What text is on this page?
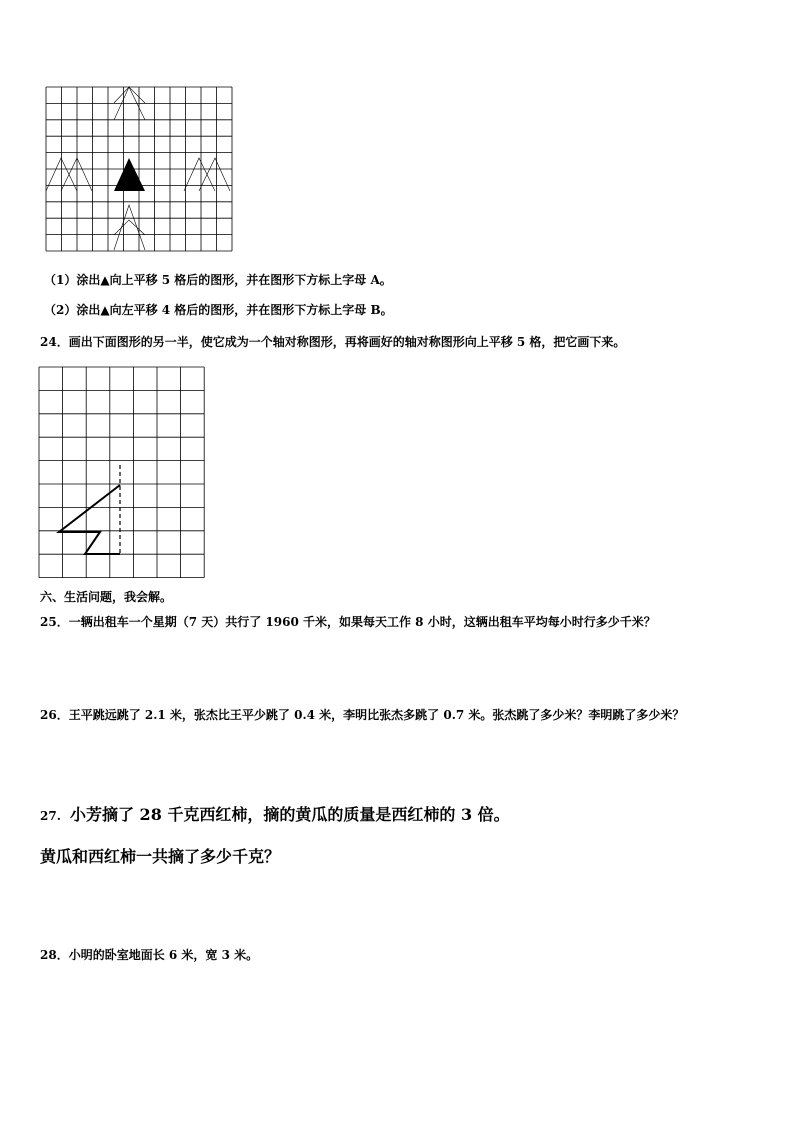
（1）涂出▲向上平移 5 格后的图形，并在图形下方标上字母 A。
（2）涂出▲向左平移 4 格后的图形，并在图形下方标上字母 B。
24．画出下面图形的另一半，使它成为一个轴对称图形，再将画好的轴对称图形向上平移 5 格，把它画下来。
六、生活问题，我会解。
25．一辆出租车一个星期（7 天）共行了 1960 千米，如果每天工作 8 小时，这辆出租车平均每小时行多少千米？
26．王平跳远跳了 2.1 米，张杰比王平少跳了 0.4 米，李明比张杰多跳了 0.7 米。张杰跳了多少米？李明跳了多少米？
27. 小芳摘了 28 千克西红柿，摘的黄瓜的质量是西红柿的 3 倍。
黄瓜和西红柿一共摘了多少千克？
28．小明的卧室地面长 6 米，宽 3 米。
